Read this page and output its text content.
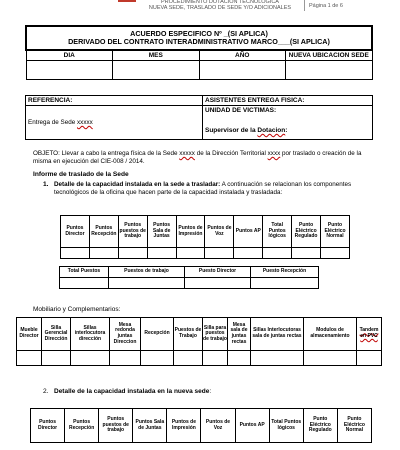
PROCEDIMIENTO DOTACION TECNOLOGICA
NUEVA SEDE, TRASLADO DE SEDE Y/O ADICIONALES	Página 1 de 6
ACUERDO ESPECIFICO Nº _(SI APLICA)
DERIVADO DEL CONTRATO INTERADMINISTRATIVO MARCO___(SI APLICA)			

DIA	MES	AÑO	NUEVA UBICACION SEDE

REFERENCIA:	ASISTENTES ENTREGA FISICA:
Entrega de Sede xxxxx	UNIDAD DE VICTIMAS:
Supervisor de la Dotacion:
OBJETO: Llevar a cabo la entrega física de la Sede xxxxx de la Dirección Territorial xxxx por traslado o creación de la misma en ejecución del CIE-008 / 2014.
Informe de traslado de la Sede
1. Detalle de la capacidad instalada en la sede a trasladar: A continuación se relacionan los componentes tecnológicos de la oficina que hacen parte de la capacidad instalada y trasladada:
Puntos Director	Puntos Recepción	Puntos puestos de trabajo	Puntos Sala de Juntas	Puntos de Impresión	Puntos de Voz	Puntos AP	Total Puntos lógicos	Punto Eléctrico Regulado	Punto Eléctrico Normal

Total Puestos	Puestos de trabajo	Puesto Director	Puesto Recepción

Mobiliario y Complementarios:
Mueble Director	Silla Gerencial Dirección	Sillas interlocutora dirección	Mesa redonda juntas Direccion	Recepción	Puestos de Trabajo	Silla para puestos de trabajo	Mesa sala de juntas rectas	Sillas Interlocutoras sala de juntas rectas	Modulos de almacenamiento	Tandem en PVC

2. Detalle de la capacidad instalada en la nueva sede:
Puntos Director	Puntos Recepción	Puntos puestos de trabajo	Puntos Sala de Juntas	Puntos de Impresión	Puntos de Voz	Puntos AP	Total Puntos lógicos	Punto Eléctrico Regulado	Punto Eléctrico Normal
